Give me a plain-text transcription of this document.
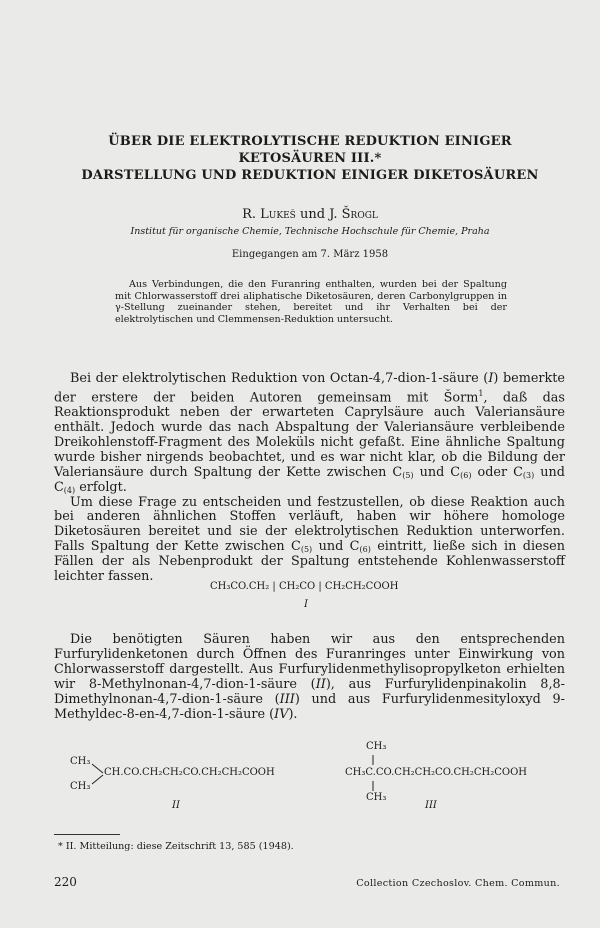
ÜBER DIE ELEKTROLYTISCHE REDUKTION EINIGER
KETOSÄUREN III.*
DARSTELLUNG UND REDUKTION EINIGER DIKETOSÄUREN
R. Lukeš und J. Šrogl
Institut für organische Chemie, Technische Hochschule für Chemie, Praha
Eingegangen am 7. März 1958
Aus Verbindungen, die den Furanring enthalten, wurden bei der Spaltung mit Chlorwasserstoff drei aliphatische Diketosäuren, deren Carbonylgruppen in γ-Stellung zueinander stehen, bereitet und ihr Verhalten bei der elektrolytischen und Clemmensen-Reduktion untersucht.

Bei der elektrolytischen Reduktion von Octan-4,7-dion-1-säure (I) bemerkte der erstere der beiden Autoren gemeinsam mit Šorm$^1$, daß das Reaktionsprodukt neben der erwarteten Caprylsäure auch Valeriansäure enthält. Jedoch wurde das nach Abspaltung der Valeriansäure verbleibende Dreikohlenstoff-Fragment des Moleküls nicht gefaßt. Eine ähnliche Spaltung wurde bisher nirgends beobachtet, und es war nicht klar, ob die Bildung der Valeriansäure durch Spaltung der Kette zwischen $C_{(5)}$ und $C_{(6)}$ oder $C_{(3)}$ und $C_{(4)}$ erfolgt.

Um diese Frage zu entscheiden und festzustellen, ob diese Reaktion auch bei anderen ähnlichen Stoffen verläuft, haben wir höhere homologe Diketosäuren bereitet und sie der elektrolytischen Reduktion unterworfen. Falls Spaltung der Kette zwischen $C_{(5)}$ und $C_{(6)}$ eintritt, ließe sich in diesen Fällen der als Nebenprodukt der Spaltung entstehende Kohlenwasserstoff leichter fassen.

CH₃CO.CH₂ | CH₂CO | CH₂CH₂COOH
I

Die benötigten Säuren haben wir aus den entsprechenden Furfurylidenketonen durch Öffnen des Furanringes unter Einwirkung von Chlorwasserstoff dargestellt. Aus Furfurylidenmethylisopropylketon erhielten wir 8-Methylnonan-4,7-dion-1-säure (II), aus Furfurylidenpinakolin 8,8-Dimethylnonan-4,7-dion-1-säure (III) und aus Furfurylidenmesityloxyd 9-Methyldec-8-en-4,7-dion-1-säure (IV).

CH₃
CH₃
CH.CO.CH₂CH₂CO.CH₂CH₂COOH
II
CH₃
CH₃C.CO.CH₂CH₂CO.CH₂CH₂COOH
CH₃
III
* II. Mitteilung: diese Zeitschrift 13, 585 (1948).
220	Collection Czechoslov. Chem. Commun.
